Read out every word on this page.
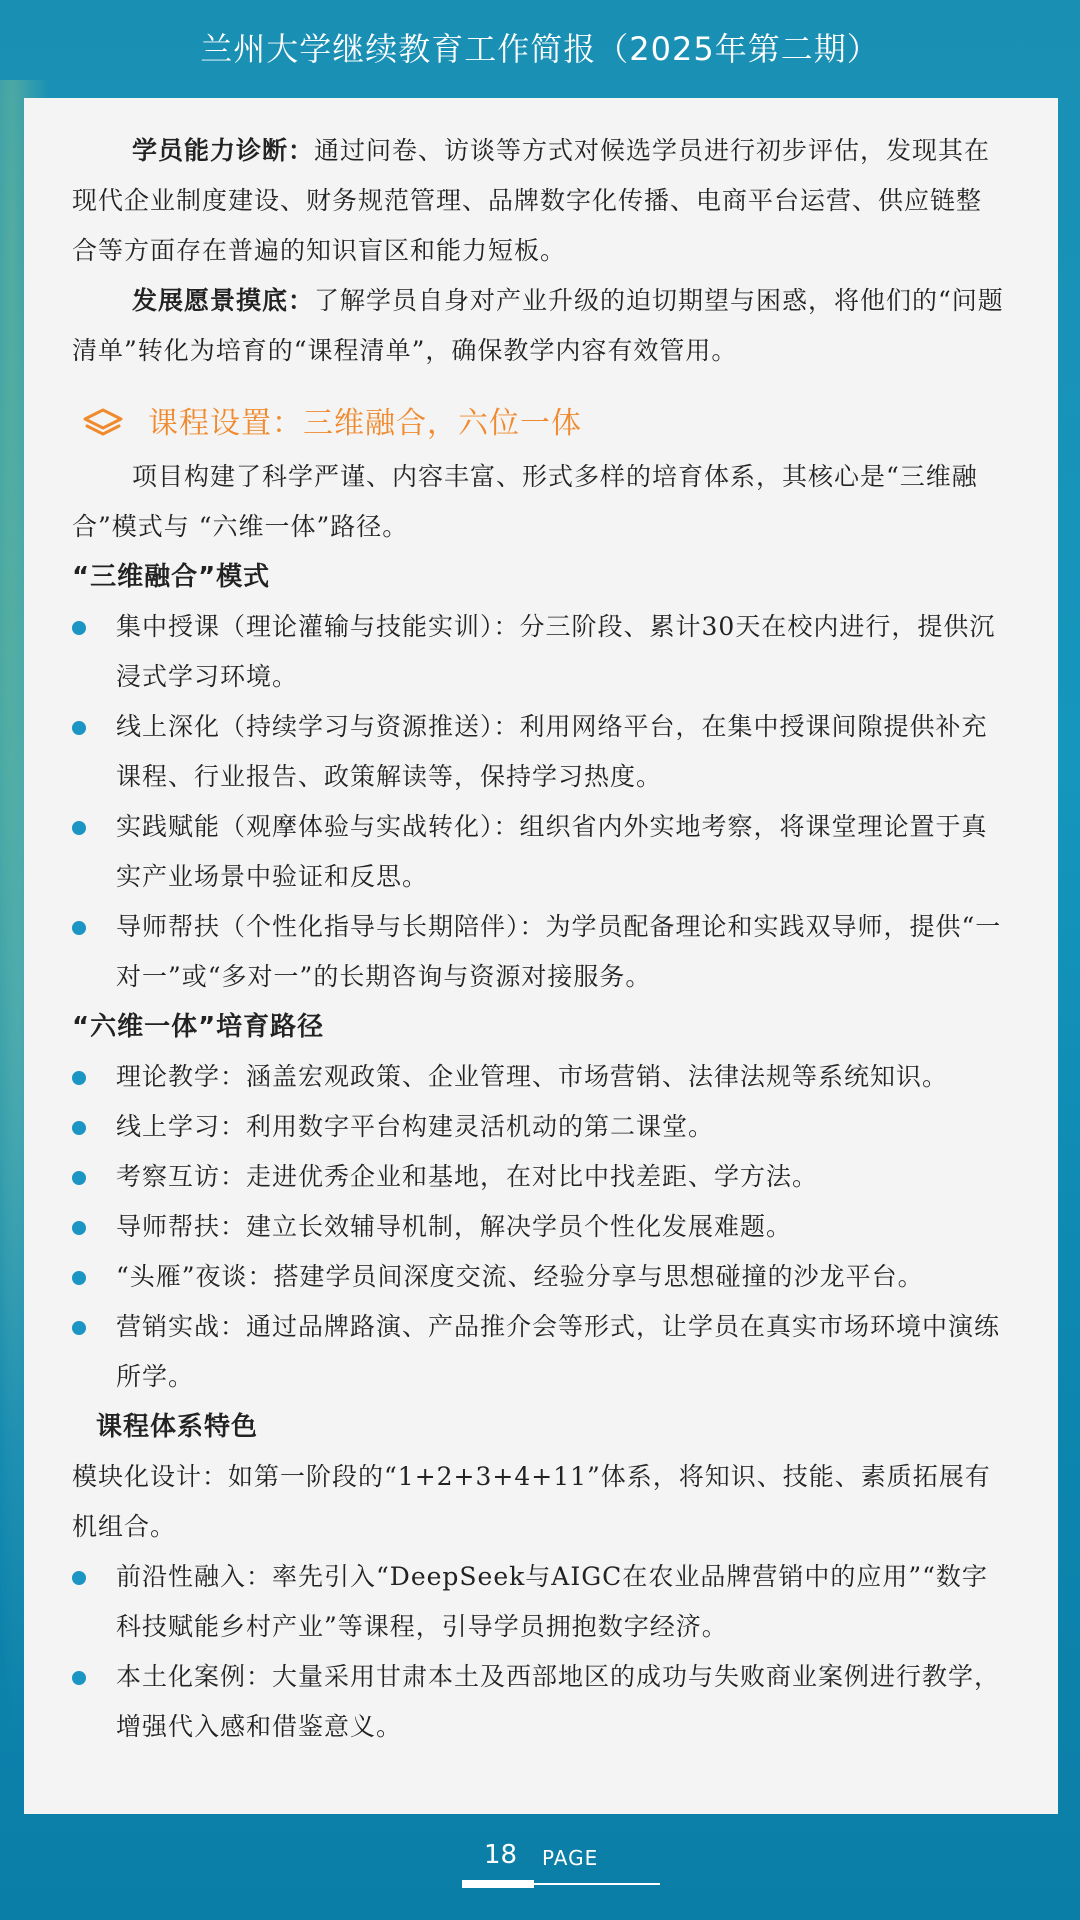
兰州大学继续教育工作简报（2025年第二期）

学员能力诊断：通过问卷、访谈等方式对候选学员进行初步评估，发现其在现代企业制度建设、财务规范管理、品牌数字化传播、电商平台运营、供应链整合等方面存在普遍的知识盲区和能力短板。

发展愿景摸底：了解学员自身对产业升级的迫切期望与困惑，将他们的“问题清单”转化为培育的“课程清单”，确保教学内容有效管用。

课程设置：三维融合，六位一体

项目构建了科学严谨、内容丰富、形式多样的培育体系，其核心是“三维融合”模式与 “六维一体”路径。

“三维融合”模式

集中授课（理论灌输与技能实训）：分三阶段、累计30天在校内进行，提供沉浸式学习环境。

线上深化（持续学习与资源推送）：利用网络平台，在集中授课间隙提供补充课程、行业报告、政策解读等，保持学习热度。

实践赋能（观摩体验与实战转化）：组织省内外实地考察，将课堂理论置于真实产业场景中验证和反思。

导师帮扶（个性化指导与长期陪伴）：为学员配备理论和实践双导师，提供“一对一”或“多对一”的长期咨询与资源对接服务。

“六维一体”培育路径

理论教学：涵盖宏观政策、企业管理、市场营销、法律法规等系统知识。

线上学习：利用数字平台构建灵活机动的第二课堂。

考察互访：走进优秀企业和基地，在对比中找差距、学方法。

导师帮扶：建立长效辅导机制，解决学员个性化发展难题。

“头雁”夜谈：搭建学员间深度交流、经验分享与思想碰撞的沙龙平台。

营销实战：通过品牌路演、产品推介会等形式，让学员在真实市场环境中演练所学。

课程体系特色

模块化设计：如第一阶段的“1+2+3+4+11”体系，将知识、技能、素质拓展有机组合。

前沿性融入：率先引入“DeepSeek与AIGC在农业品牌营销中的应用”“数字科技赋能乡村产业”等课程，引导学员拥抱数字经济。

本土化案例：大量采用甘肃本土及西部地区的成功与失败商业案例进行教学，增强代入感和借鉴意义。

18 PAGE
